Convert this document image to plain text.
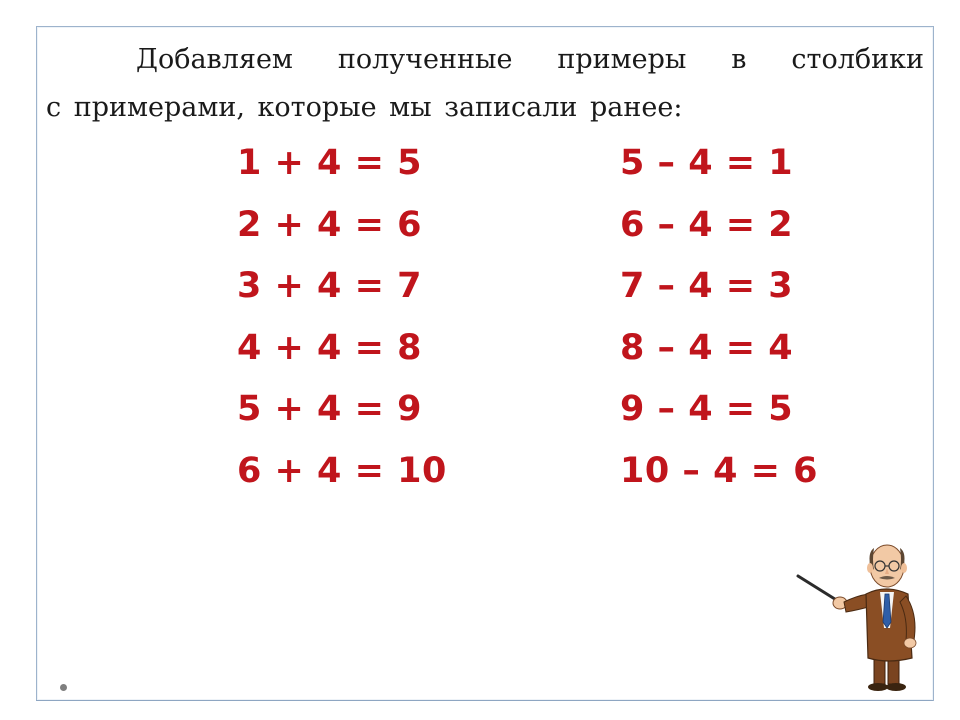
Добавляем полученные примеры в столбики
с примерами, которые мы записали ранее:
1 + 4 = 5
2 + 4 = 6
3 + 4 = 7
4 + 4 = 8
5 + 4 = 9
6 + 4 = 10
5 – 4 = 1
6 – 4 = 2
7 – 4 = 3
8 – 4 = 4
9 – 4 = 5
10 – 4 = 6
